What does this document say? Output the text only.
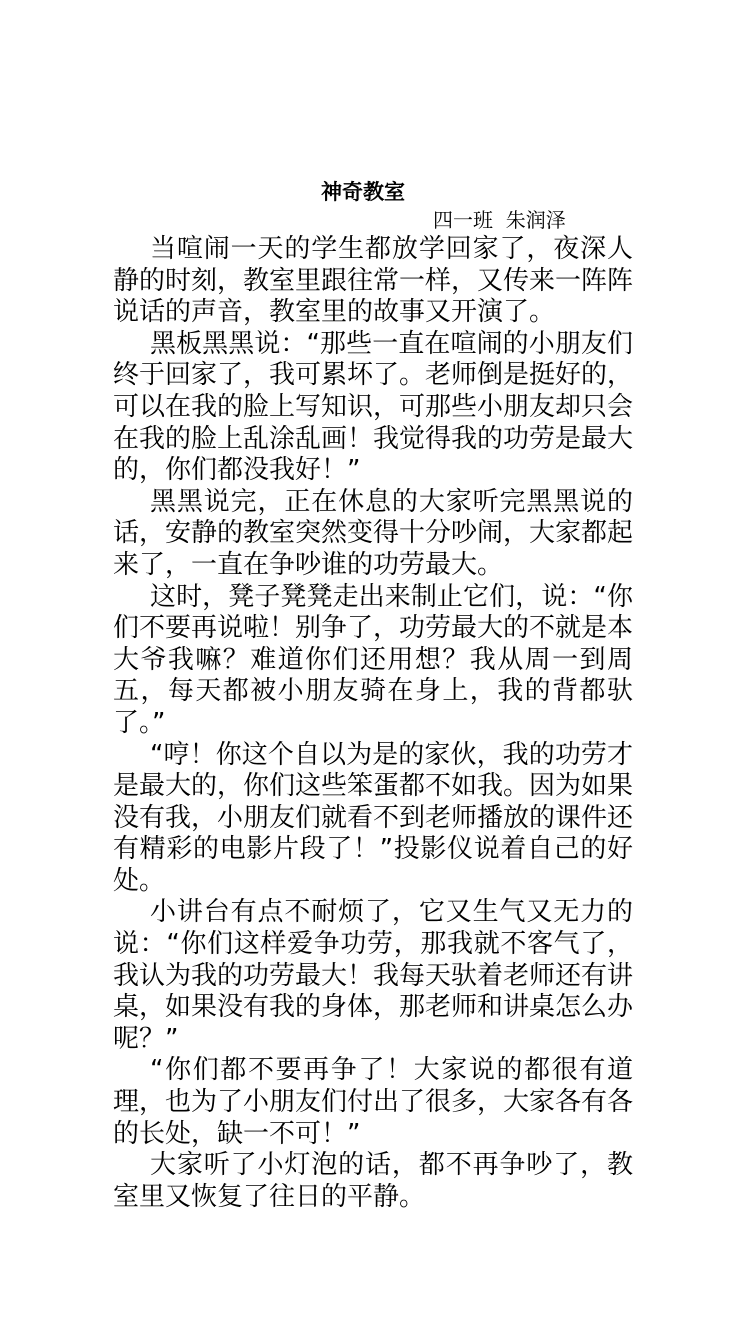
神奇教室
四一班  朱润泽

当喧闹一天的学生都放学回家了，夜深人静的时刻，教室里跟往常一样，又传来一阵阵说话的声音，教室里的故事又开演了。

黑板黑黑说：“那些一直在喧闹的小朋友们终于回家了，我可累坏了。老师倒是挺好的，可以在我的脸上写知识，可那些小朋友却只会在我的脸上乱涂乱画！我觉得我的功劳是最大的，你们都没我好！”

黑黑说完，正在休息的大家听完黑黑说的话，安静的教室突然变得十分吵闹，大家都起来了，一直在争吵谁的功劳最大。

这时，凳子凳凳走出来制止它们，说：“你们不要再说啦！别争了，功劳最大的不就是本大爷我嘛？难道你们还用想？我从周一到周五，每天都被小朋友骑在身上，我的背都驮了。”

“哼！你这个自以为是的家伙，我的功劳才是最大的，你们这些笨蛋都不如我。因为如果没有我，小朋友们就看不到老师播放的课件还有精彩的电影片段了！”投影仪说着自己的好处。

小讲台有点不耐烦了，它又生气又无力的说：“你们这样爱争功劳，那我就不客气了，我认为我的功劳最大！我每天驮着老师还有讲桌，如果没有我的身体，那老师和讲桌怎么办呢？”

“你们都不要再争了！大家说的都很有道理，也为了小朋友们付出了很多，大家各有各的长处，缺一不可！”

大家听了小灯泡的话，都不再争吵了，教室里又恢复了往日的平静。
